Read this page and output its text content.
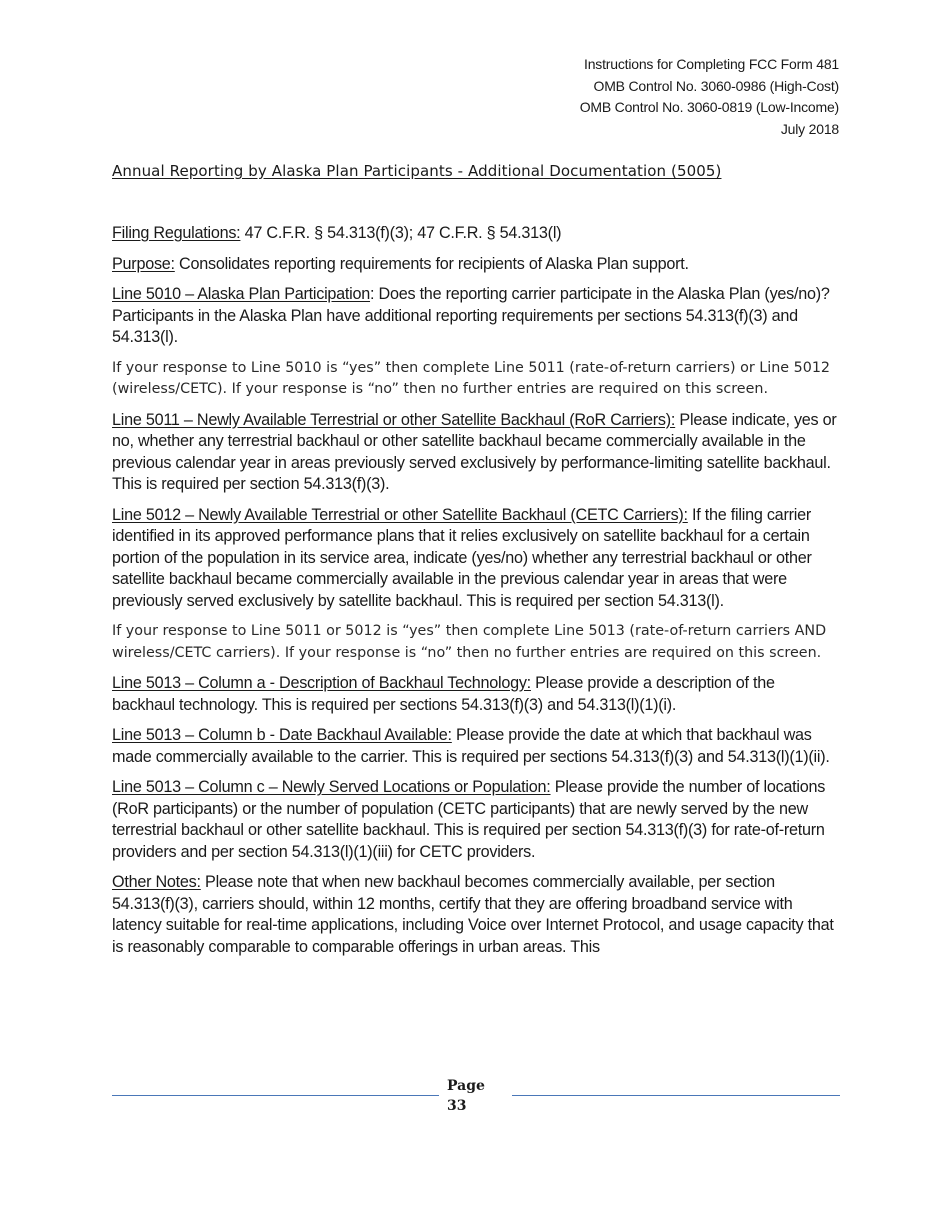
Instructions for Completing FCC Form 481
OMB Control No. 3060-0986 (High-Cost)
OMB Control No. 3060-0819 (Low-Income)
July 2018
Annual Reporting by Alaska Plan Participants - Additional Documentation (5005)

Filing Regulations: 47 C.F.R. § 54.313(f)(3); 47 C.F.R. § 54.313(l)

Purpose: Consolidates reporting requirements for recipients of Alaska Plan support.

Line 5010 – Alaska Plan Participation: Does the reporting carrier participate in the Alaska Plan (yes/no)? Participants in the Alaska Plan have additional reporting requirements per sections 54.313(f)(3) and 54.313(l).

If your response to Line 5010 is “yes” then complete Line 5011 (rate-of-return carriers) or Line 5012 (wireless/CETC). If your response is “no” then no further entries are required on this screen.

Line 5011 – Newly Available Terrestrial or other Satellite Backhaul (RoR Carriers): Please indicate, yes or no, whether any terrestrial backhaul or other satellite backhaul became commercially available in the previous calendar year in areas previously served exclusively by performance-limiting satellite backhaul. This is required per section 54.313(f)(3).

Line 5012 – Newly Available Terrestrial or other Satellite Backhaul (CETC Carriers): If the filing carrier identified in its approved performance plans that it relies exclusively on satellite backhaul for a certain portion of the population in its service area, indicate (yes/no) whether any terrestrial backhaul or other satellite backhaul became commercially available in the previous calendar year in areas that were previously served exclusively by satellite backhaul. This is required per section 54.313(l).

If your response to Line 5011 or 5012 is “yes” then complete Line 5013 (rate-of-return carriers AND wireless/CETC carriers). If your response is “no” then no further entries are required on this screen.

Line 5013 – Column a - Description of Backhaul Technology: Please provide a description of the backhaul technology. This is required per sections 54.313(f)(3) and 54.313(l)(1)(i).

Line 5013 – Column b - Date Backhaul Available: Please provide the date at which that backhaul was made commercially available to the carrier. This is required per sections 54.313(f)(3) and 54.313(l)(1)(ii).

Line 5013 – Column c – Newly Served Locations or Population: Please provide the number of locations (RoR participants) or the number of population (CETC participants) that are newly served by the new terrestrial backhaul or other satellite backhaul. This is required per section 54.313(f)(3) for rate-of-return providers and per section 54.313(l)(1)(iii) for CETC providers.

Other Notes: Please note that when new backhaul becomes commercially available, per section 54.313(f)(3), carriers should, within 12 months, certify that they are offering broadband service with latency suitable for real-time applications, including Voice over Internet Protocol, and usage capacity that is reasonably comparable to comparable offerings in urban areas. This

Page
33
